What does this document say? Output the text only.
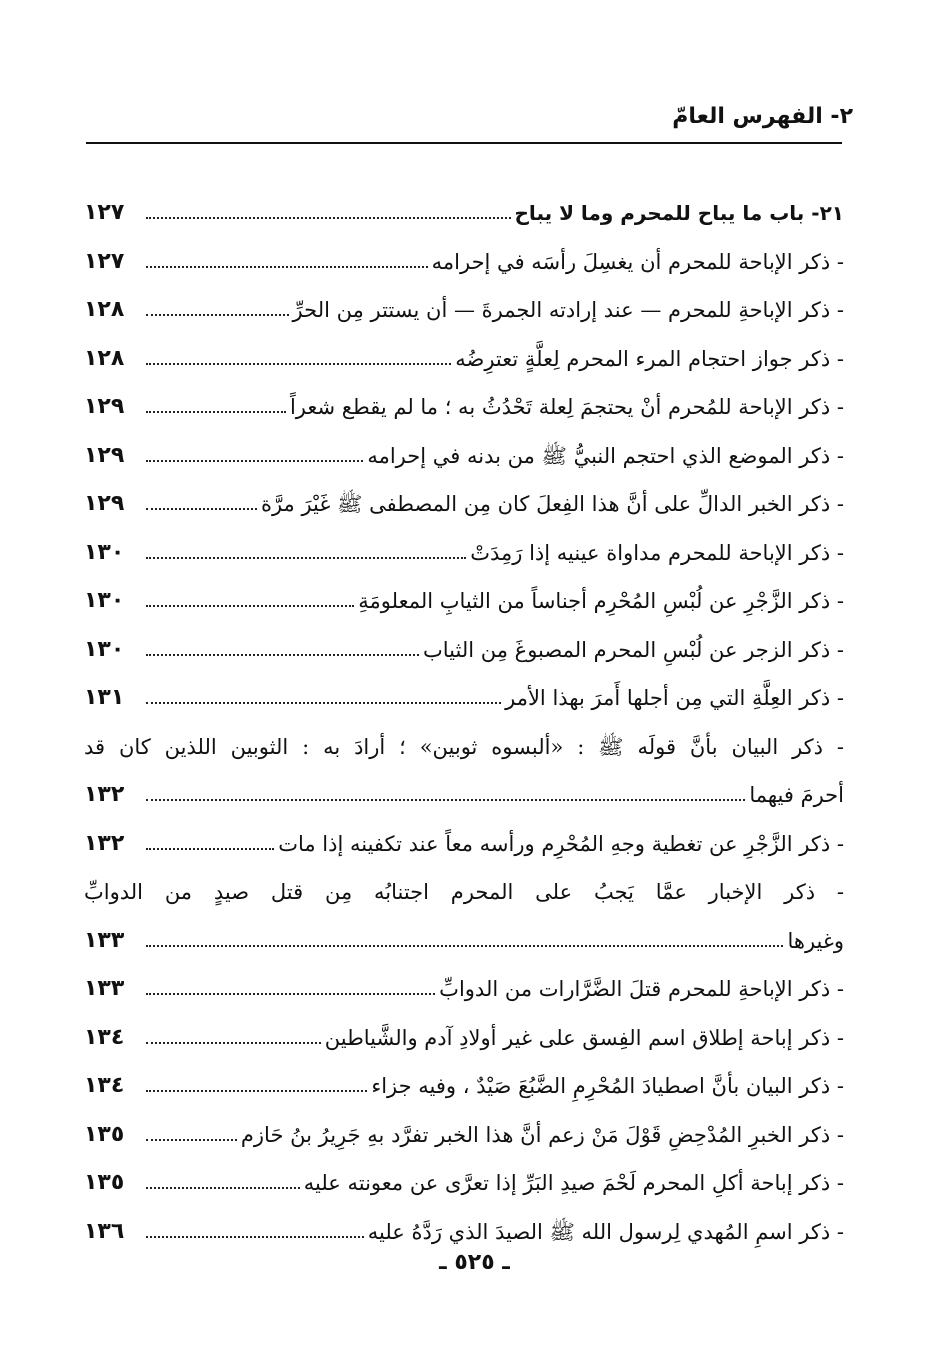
٢- الفهرس العامّ
٢١- باب ما يباح للمحرم وما لا يباح
١٢٧
- ذكر الإباحة للمحرم أن يغسِلَ رأسَه في إحرامه
١٢٧
- ذكر الإباحةِ للمحرم — عند إرادته الجمرةَ — أن يستتر مِن الحرِّ
١٢٨
- ذكر جواز احتجام المرء المحرم لِعلَّةٍ تعترِضُه
١٢٨
- ذكر الإباحة للمُحرم أنْ يحتجمَ لِعلة تَحْدُثُ به ؛ ما لم يقطع شعراً
١٢٩
- ذكر الموضع الذي احتجم النبيُّ ﷺ من بدنه في إحرامه
١٢٩
- ذكر الخبر الدالِّ على أنَّ هذا الفِعلَ كان مِن المصطفى ﷺ غَيْرَ مرَّة
١٢٩
- ذكر الإباحة للمحرم مداواة عينيه إذا رَمِدَتْ
١٣٠
- ذكر الزَّجْرِ عن لُبْسِ المُحْرِم أجناساً من الثيابِ المعلومَةِ
١٣٠
- ذكر الزجر عن لُبْسِ المحرم المصبوغَ مِن الثياب
١٣٠
- ذكر العِلَّةِ التي مِن أجلها أَمرَ بهذا الأمر
١٣١
- ذكر البيان بأنَّ قولَه ﷺ : «ألبسوه ثوبين» ؛ أرادَ به : الثوبين اللذين كان قد
أحرمَ فيهما
١٣٢
- ذكر الزَّجْرِ عن تغطية وجهِ المُحْرِم ورأسه معاً عند تكفينه إذا مات
١٣٢
- ذكر الإخبار عمَّا يَجبُ على المحرم اجتنابُه مِن قتل صيدٍ من الدوابِّ
وغيرها
١٣٣
- ذكر الإباحةِ للمحرم قتلَ الضَّرَّارات من الدوابِّ
١٣٣
- ذكر إباحة إطلاق اسم الفِسق على غير أولادِ آدم والشَّياطين
١٣٤
- ذكر البيان بأنَّ اصطيادَ المُحْرِمِ الضَّبُعَ صَيْدٌ ، وفيه جزاء
١٣٤
- ذكر الخبرِ المُدْحِضِ قَوْلَ مَنْ زعم أنَّ هذا الخبر تفرَّد بهِ جَرِيرُ بنُ حَازم
١٣٥
- ذكر إباحة أكلِ المحرم لَحْمَ صيدِ البَرِّ إذا تعرَّى عن معونته عليه
١٣٥
- ذكر اسمِ المُهدي لِرسول الله ﷺ الصيدَ الذي رَدَّهُ عليه
١٣٦
ـ ٥٢٥ ـ
